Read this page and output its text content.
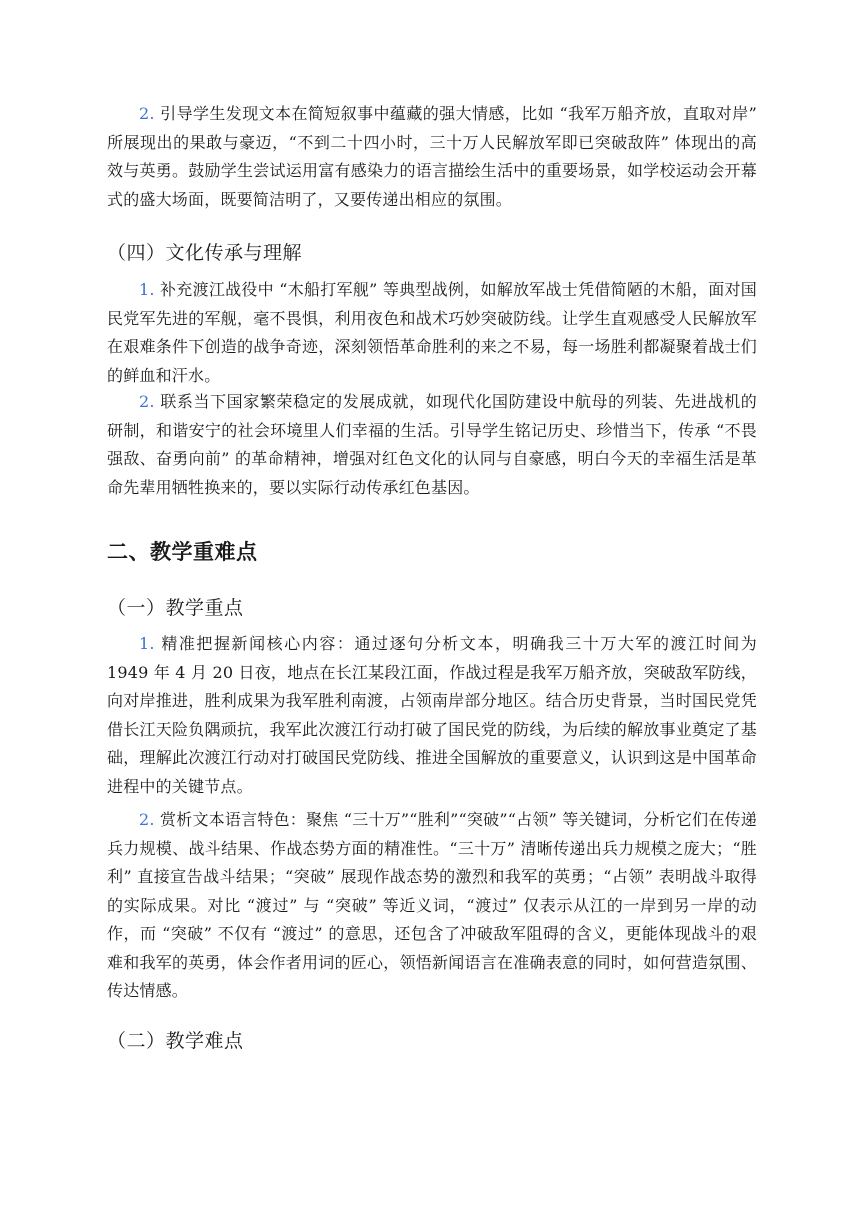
2. 引导学生发现文本在简短叙事中蕴藏的强大情感，比如 “我军万船齐放，直取对岸” 所展现出的果敢与豪迈，“不到二十四小时，三十万人民解放军即已突破敌阵” 体现出的高效与英勇。鼓励学生尝试运用富有感染力的语言描绘生活中的重要场景，如学校运动会开幕式的盛大场面，既要简洁明了，又要传递出相应的氛围。

（四）文化传承与理解

1. 补充渡江战役中 “木船打军舰” 等典型战例，如解放军战士凭借简陋的木船，面对国民党军先进的军舰，毫不畏惧，利用夜色和战术巧妙突破防线。让学生直观感受人民解放军在艰难条件下创造的战争奇迹，深刻领悟革命胜利的来之不易，每一场胜利都凝聚着战士们的鲜血和汗水。

2. 联系当下国家繁荣稳定的发展成就，如现代化国防建设中航母的列装、先进战机的研制，和谐安宁的社会环境里人们幸福的生活。引导学生铭记历史、珍惜当下，传承 “不畏强敌、奋勇向前” 的革命精神，增强对红色文化的认同与自豪感，明白今天的幸福生活是革命先辈用牺牲换来的，要以实际行动传承红色基因。

二、教学重难点
（一）教学重点

1. 精准把握新闻核心内容：通过逐句分析文本，明确我三十万大军的渡江时间为 1949 年 4 月 20 日夜，地点在长江某段江面，作战过程是我军万船齐放，突破敌军防线，向对岸推进，胜利成果为我军胜利南渡，占领南岸部分地区。结合历史背景，当时国民党凭借长江天险负隅顽抗，我军此次渡江行动打破了国民党的防线，为后续的解放事业奠定了基础，理解此次渡江行动对打破国民党防线、推进全国解放的重要意义，认识到这是中国革命进程中的关键节点。

2. 赏析文本语言特色：聚焦 “三十万”“胜利”“突破”“占领” 等关键词，分析它们在传递兵力规模、战斗结果、作战态势方面的精准性。“三十万” 清晰传递出兵力规模之庞大；“胜利” 直接宣告战斗结果；“突破” 展现作战态势的激烈和我军的英勇；“占领” 表明战斗取得的实际成果。对比 “渡过” 与 “突破” 等近义词，“渡过” 仅表示从江的一岸到另一岸的动作，而 “突破” 不仅有 “渡过” 的意思，还包含了冲破敌军阻碍的含义，更能体现战斗的艰难和我军的英勇，体会作者用词的匠心，领悟新闻语言在准确表意的同时，如何营造氛围、传达情感。

（二）教学难点
